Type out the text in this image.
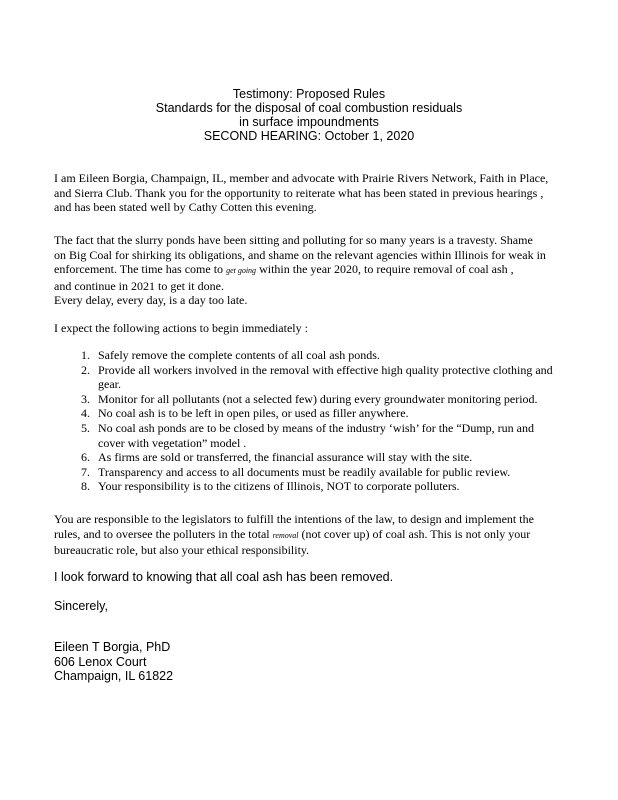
Testimony: Proposed Rules
Standards for the disposal of coal combustion residuals
in surface impoundments
SECOND HEARING: October 1, 2020
I am Eileen Borgia, Champaign, IL, member and advocate with Prairie Rivers Network, Faith in Place,
and Sierra Club. Thank you for the opportunity to reiterate what has been stated in previous hearings ,
and has been stated well by Cathy Cotten this evening.
The fact that the slurry ponds have been sitting and polluting for so many years is a travesty. Shame
on Big Coal for shirking its obligations, and shame on the relevant agencies within Illinois for weak in
enforcement. The time has come to get going within the year 2020, to require removal of coal ash ,
and continue in 2021 to get it done.
Every delay, every day, is a day too late.
I expect the following actions to begin immediately :
1. Safely remove the complete contents of all coal ash ponds.
2. Provide all workers involved in the removal with effective high quality protective clothing and gear.
3. Monitor for all pollutants (not a selected few) during every groundwater monitoring period.
4. No coal ash is to be left in open piles, or used as filler anywhere.
5. No coal ash ponds are to be closed by means of the industry ‘wish’ for the “Dump, run and cover with vegetation” model .
6. As firms are sold or transferred, the financial assurance will stay with the site.
7. Transparency and access to all documents must be readily available for public review.
8. Your responsibility is to the citizens of Illinois, NOT to corporate polluters.
You are responsible to the legislators to fulfill the intentions of the law, to design and implement the
rules, and to oversee the polluters in the total removal (not cover up) of coal ash. This is not only your
bureaucratic role, but also your ethical responsibility.
I look forward to knowing that all coal ash has been removed.
Sincerely,
Eileen T Borgia, PhD
606 Lenox Court
Champaign, IL 61822
